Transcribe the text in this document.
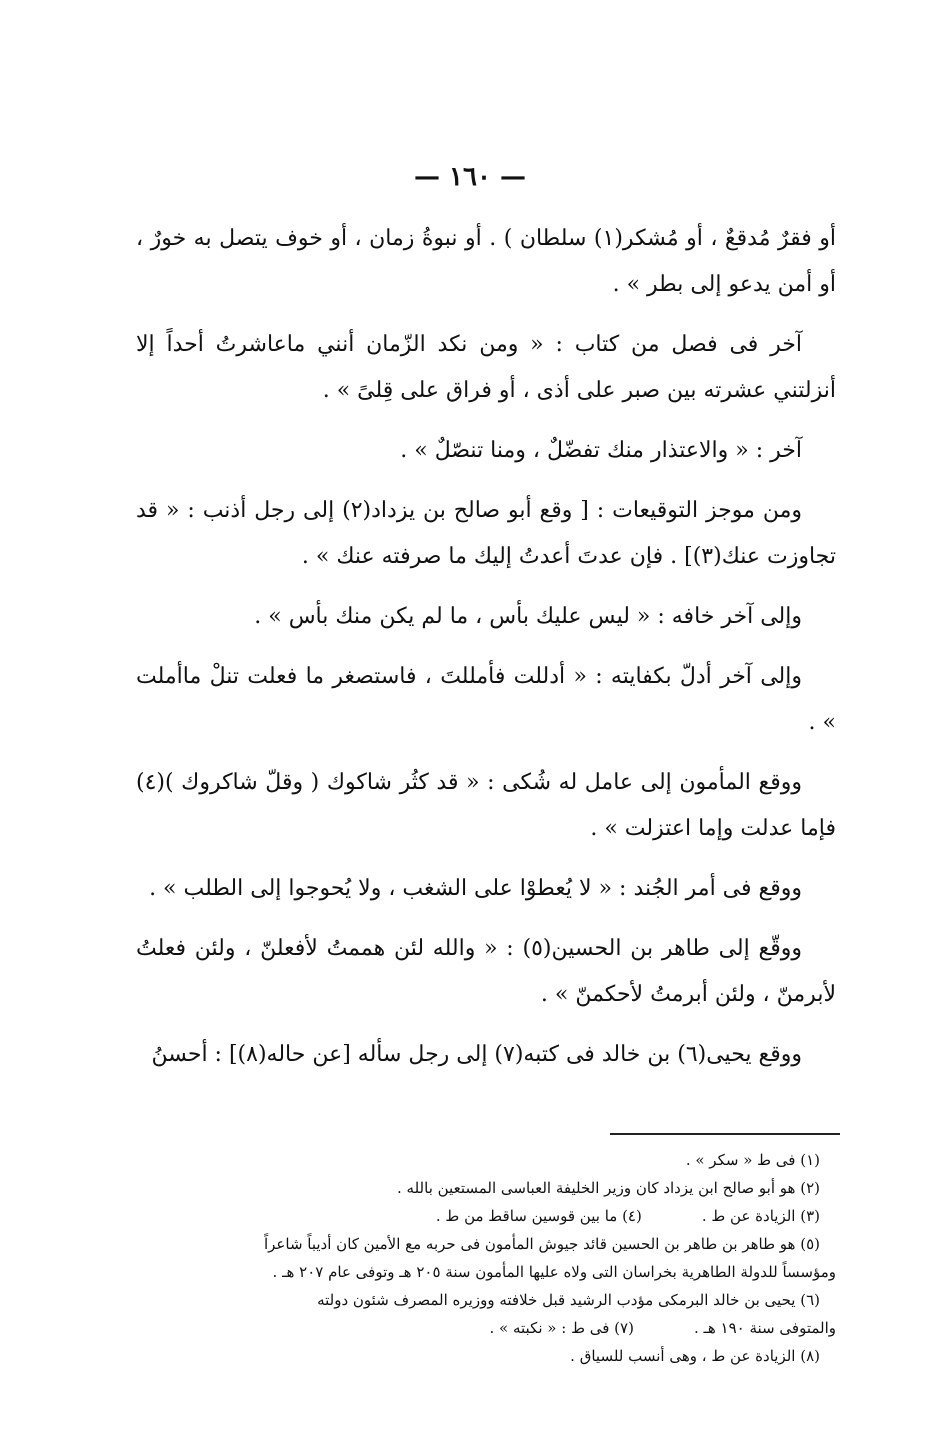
— ١٦٠ —

أو فقرٌ مُدقعٌ ، أو مُشكر(١) سلطان ) . أو نبوةُ زمان ، أو خوف يتصل به خورٌ ، أو أمن يدعو إلى بطر » .

آخر فى فصل من كتاب : « ومن نكد الزّمان أنني ماعاشرتُ أحداً إلا أنزلتني عشرته بين صبر على أذى ، أو فراق على قِلىً » .

آخر : « والاعتذار منك تفضّلٌ ، ومنا تنصّلٌ » .

ومن موجز التوقيعات : [ وقع أبو صالح بن يزداد(٢) إلى رجل أذنب : « قد تجاوزت عنك(٣)] . فإن عدتَ أعدتُ إليك ما صرفته عنك » .

وإلى آخر خافه : « ليس عليك بأس ، ما لم يكن منك بأس » .

وإلى آخر أدلّ بكفايته : « أدللت فأمللتَ ، فاستصغر ما فعلت تنلْ ماأملت » .

ووقع المأمون إلى عامل له شُكى : « قد كثُر شاكوك ( وقلّ شاكروك )(٤) فإما عدلت وإما اعتزلت » .

ووقع فى أمر الجُند : « لا يُعطوْا على الشغب ، ولا يُحوجوا إلى الطلب » .

ووقّع إلى طاهر بن الحسين(٥) : « والله لئن هممتُ لأفعلنّ ، ولئن فعلتُ لأبرمنّ ، ولئن أبرمتُ لأحكمنّ » .

ووقع يحيى(٦) بن خالد فى كتبه(٧) إلى رجل سأله [عن حاله(٨)] : أحسنُ

(١) فى ط « سكر » .

(٢) هو أبو صالح ابن يزداد كان وزير الخليفة العباسى المستعين بالله .

(٣) الزيادة عن ط .
(٤) ما بين قوسين ساقط من ط .

(٥) هو طاهر بن طاهر بن الحسين قائد جيوش المأمون فى حربه مع الأمين كان أديباً شاعراً

ومؤسساً للدولة الطاهرية بخراسان التى ولاه عليها المأمون سنة ٢٠٥ هـ وتوفى عام ٢٠٧ هـ .

(٦) يحيى بن خالد البرمكى مؤدب الرشيد قبل خلافته ووزيره المصرف شئون دولته

والمتوفى سنة ١٩٠ هـ .
(٧) فى ط : « نكبته » .

(٨) الزيادة عن ط ، وهى أنسب للسياق .
